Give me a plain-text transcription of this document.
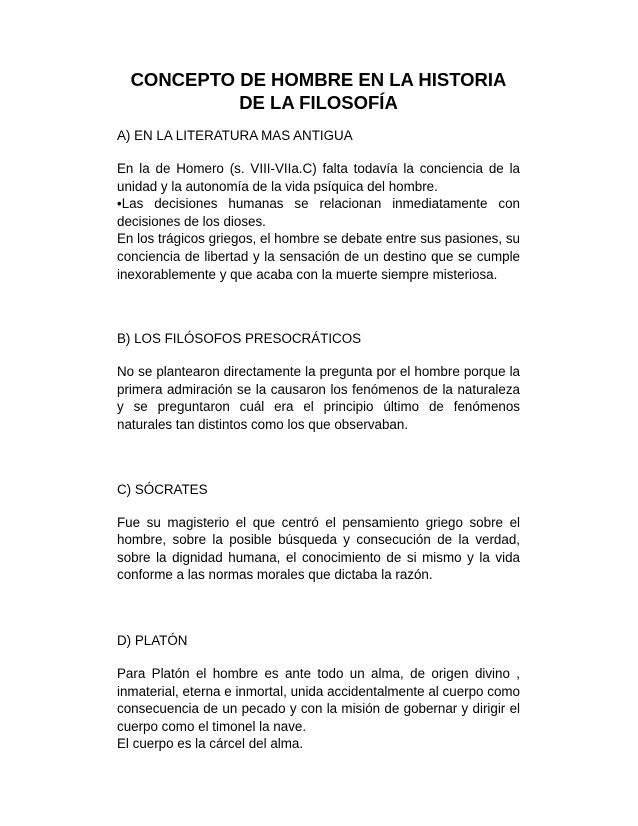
CONCEPTO DE HOMBRE EN LA HISTORIA
DE LA FILOSOFÍA

A) EN LA LITERATURA MAS ANTIGUA

En la de Homero (s. VIII-VIIa.C) falta todavía la conciencia de la unidad y la autonomía de la vida psíquica del hombre.

•Las decisiones humanas se relacionan inmediatamente con decisiones de los dioses.

En los trágicos griegos, el hombre se debate entre sus pasiones, su conciencia de libertad y la sensación de un destino que se cumple inexorablemente y que acaba con la muerte siempre misteriosa.

B) LOS FILÓSOFOS PRESOCRÁTICOS

No se plantearon directamente la pregunta por el hombre porque la primera admiración se la causaron los fenómenos de la naturaleza y se preguntaron cuál era el principio último de fenómenos naturales tan distintos como los que observaban.

C) SÓCRATES

Fue su magisterio el que centró el pensamiento griego sobre el hombre, sobre la posible búsqueda y consecución de la verdad, sobre la dignidad humana, el conocimiento de si mismo y la vida conforme a las normas morales que dictaba la razón.

D) PLATÓN

Para Platón el hombre es ante todo un alma, de origen divino , inmaterial, eterna e inmortal, unida accidentalmente al cuerpo como consecuencia de un pecado y con la misión de gobernar y dirigir el cuerpo como el timonel la nave.

El cuerpo es la cárcel del alma.
